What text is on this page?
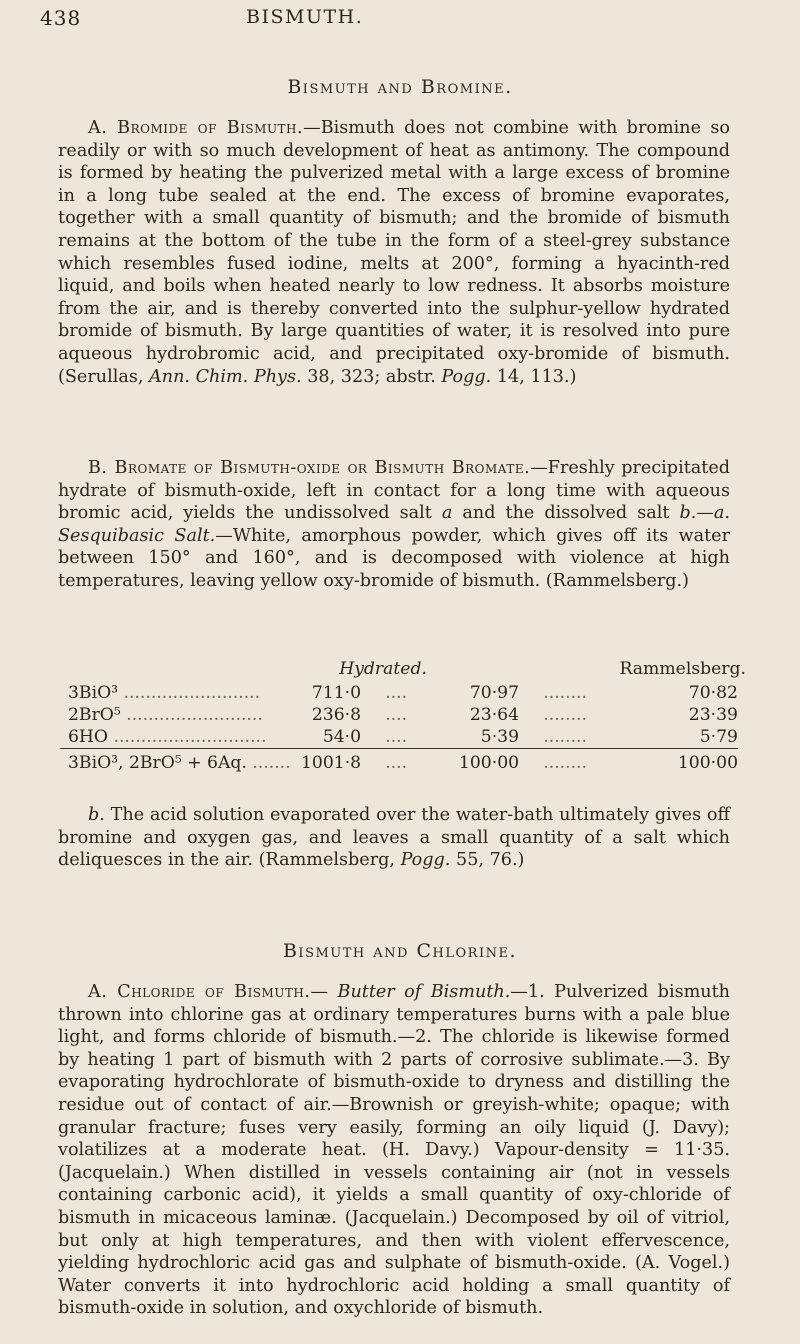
438	BISMUTH.
Bismuth and Bromine.

A. Bromide of Bismuth.—Bismuth does not combine with bromine so readily or with so much development of heat as antimony. The compound is formed by heating the pulverized metal with a large excess of bromine in a long tube sealed at the end. The excess of bromine evaporates, together with a small quantity of bismuth; and the bromide of bismuth remains at the bottom of the tube in the form of a steel-grey substance which resembles fused iodine, melts at 200°, forming a hyacinth-red liquid, and boils when heated nearly to low redness. It absorbs moisture from the air, and is thereby converted into the sulphur-yellow hydrated bromide of bismuth. By large quantities of water, it is resolved into pure aqueous hydrobromic acid, and precipitated oxy-bromide of bismuth. (Serullas, Ann. Chim. Phys. 38, 323; abstr. Pogg. 14, 113.)

B. Bromate of Bismuth-oxide or Bismuth Bromate.—Freshly precipitated hydrate of bismuth-oxide, left in contact for a long time with aqueous bromic acid, yields the undissolved salt a and the dissolved salt b.—a. Sesquibasic Salt.—White, amorphous powder, which gives off its water between 150° and 160°, and is decomposed with violence at high temperatures, leaving yellow oxy-bromide of bismuth. (Rammelsberg.)

			Hydrated.		Rammelsberg.
3BiO³ .........................	711·0	....	70·97	........	70·82
2BrO⁵ .........................	236·8	....	23·64	........	23·39
6HO ............................	54·0	....	5·39	........	5·79
3BiO³, 2BrO⁵ + 6Aq. .......	1001·8	....	100·00	........	100·00

b. The acid solution evaporated over the water-bath ultimately gives off bromine and oxygen gas, and leaves a small quantity of a salt which deliquesces in the air. (Rammelsberg, Pogg. 55, 76.)

Bismuth and Chlorine.

A. Chloride of Bismuth.— Butter of Bismuth.—1. Pulverized bismuth thrown into chlorine gas at ordinary temperatures burns with a pale blue light, and forms chloride of bismuth.—2. The chloride is likewise formed by heating 1 part of bismuth with 2 parts of corrosive sublimate.—3. By evaporating hydrochlorate of bismuth-oxide to dryness and distilling the residue out of contact of air.—Brownish or greyish-white; opaque; with granular fracture; fuses very easily, forming an oily liquid (J. Davy); volatilizes at a moderate heat. (H. Davy.) Vapour-density = 11·35. (Jacquelain.) When distilled in vessels containing air (not in vessels containing carbonic acid), it yields a small quantity of oxy-chloride of bismuth in micaceous laminæ. (Jacquelain.) Decomposed by oil of vitriol, but only at high temperatures, and then with violent effervescence, yielding hydrochloric acid gas and sulphate of bismuth-oxide. (A. Vogel.) Water converts it into hydrochloric acid holding a small quantity of bismuth-oxide in solution, and oxychloride of bismuth.
